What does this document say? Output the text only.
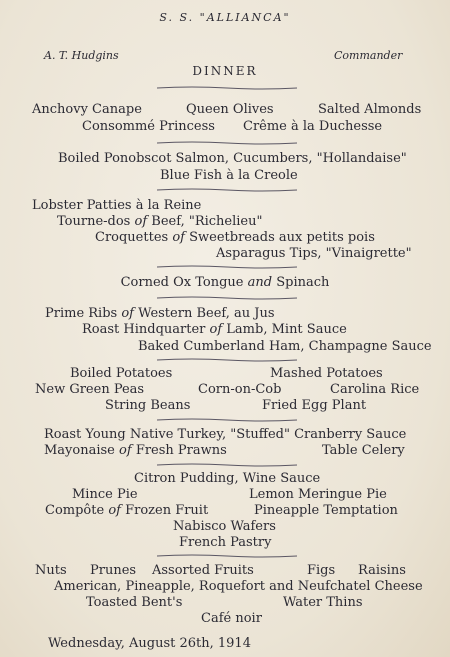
S. S. "ALLIANCA"
A. T. Hudgins	Commander
DINNER
Anchovy Canape	Queen Olives	Salted Almonds
Consommé Princess Crême à la Duchesse
Boiled Ponobscot Salmon, Cucumbers, "Hollandaise"
Blue Fish à la Creole
Lobster Patties à la Reine
Tourne-dos of Beef, "Richelieu"
Croquettes of Sweetbreads aux petits pois
Asparagus Tips, "Vinaigrette"
Corned Ox Tongue and Spinach
Prime Ribs of Western Beef, au Jus
Roast Hindquarter of Lamb, Mint Sauce
Baked Cumberland Ham, Champagne Sauce
Boiled Potatoes	Mashed Potatoes
New Green Peas	Corn-on-Cob	Carolina Rice
String Beans	Fried Egg Plant
Roast Young Native Turkey, "Stuffed" Cranberry Sauce
Mayonaise of Fresh Prawns	Table Celery
Citron Pudding, Wine Sauce
Mince Pie	Lemon Meringue Pie
Compôte of Frozen Fruit	Pineapple Temptation
Nabisco Wafers
French Pastry
Nuts Prunes Assorted Fruits	Figs Raisins
American, Pineapple, Roquefort and Neufchatel Cheese
Toasted Bent's	Water Thins
Café noir
Wednesday, August 26th, 1914
